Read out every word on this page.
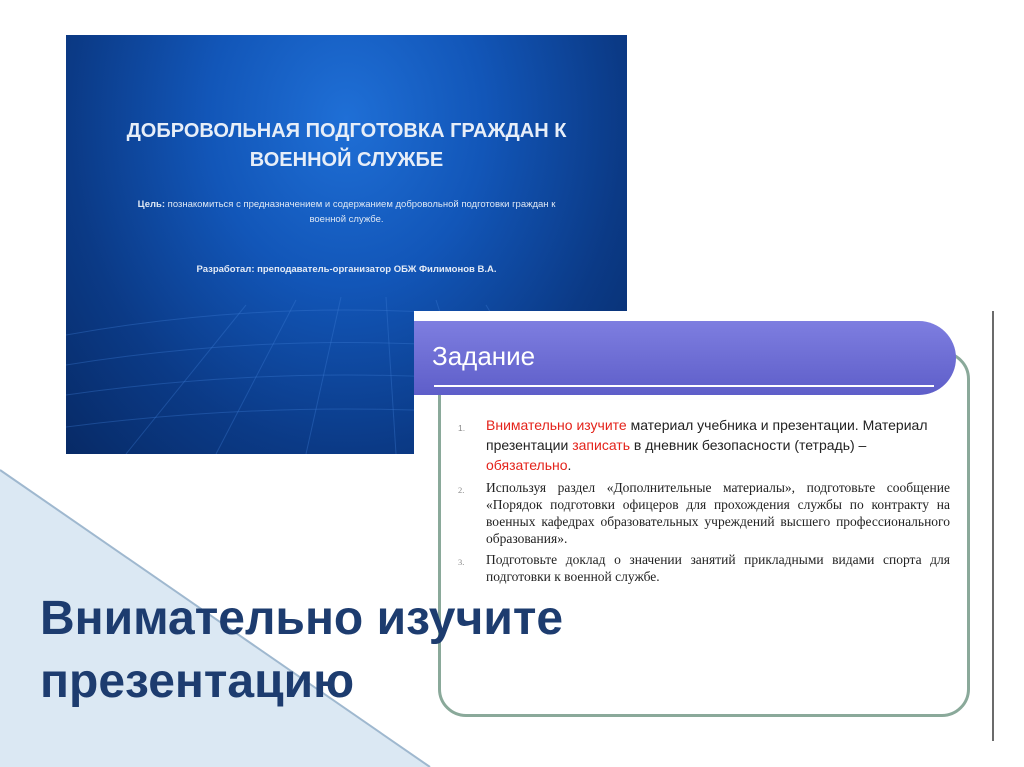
ДОБРОВОЛЬНАЯ ПОДГОТОВКА ГРАЖДАН К
ВОЕННОЙ СЛУЖБЕ
Цель: познакомиться с предназначением и содержанием добровольной подготовки граждан к
военной службе.
Разработал: преподаватель-организатор ОБЖ Филимонов В.А.
Задание
1. Внимательно изучите материал учебника и презентации. Материал презентации записать в дневник безопасности (тетрадь) – обязательно.
2. Используя раздел «Дополнительные материалы», подготовьте сообщение «Порядок подготовки офицеров для прохождения службы по контракту на военных кафедрах образовательных учреждений высшего профессионального образования».
3. Подготовьте доклад о значении занятий прикладными видами спорта для подготовки к военной службе.
Внимательно изучите
презентацию
